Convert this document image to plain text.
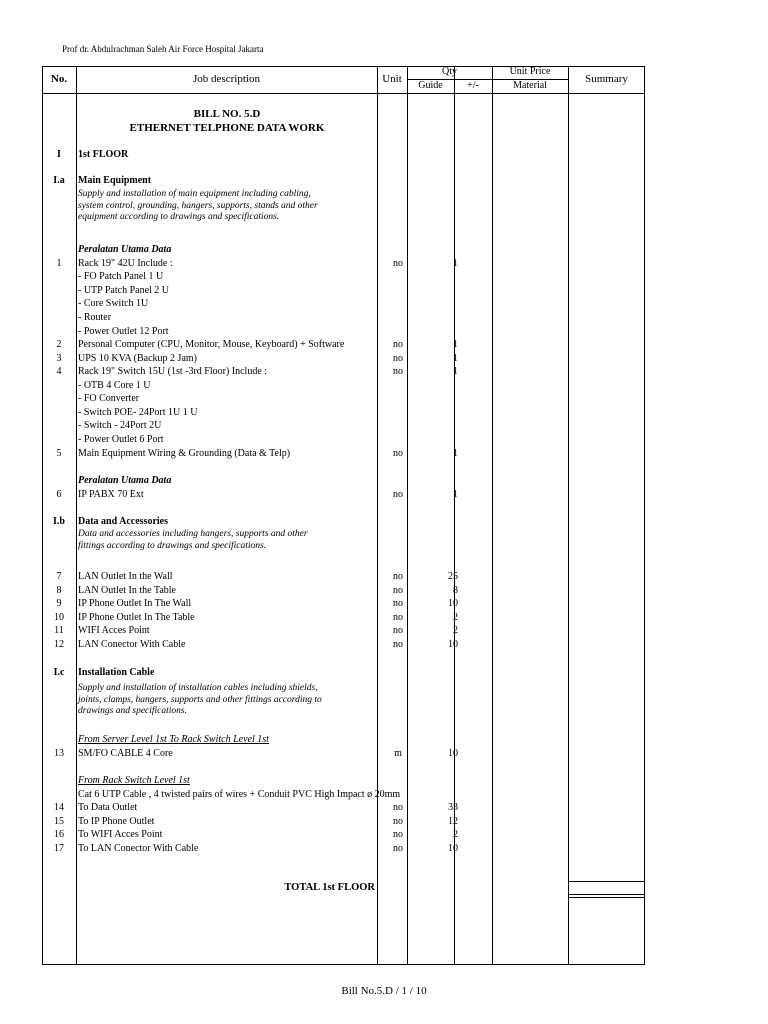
Prof dr. Abdulrachman Saleh Air Force Hospital Jakarta
No.	Job description	Unit
Qty
Guide	+/-
Unit Price
Material
Summary
BILL NO. 5.D
ETHERNET TELPHONE DATA WORK
I	1st FLOOR
I.a	Main Equipment
Peralatan Utama Data
1	Rack 19" 42U Include :	no	1
- FO Patch Panel 1 U
- UTP Patch Panel 2 U
- Core Switch 1U
- Router
- Power Outlet 12 Port
2	Personal Computer (CPU, Monitor, Mouse, Keyboard) + Software	no	1
3	UPS 10 KVA (Backup 2 Jam)	no	1
4	Rack 19" Switch 15U (1st -3rd Floor) Include :	no	1
- OTB 4 Core 1 U
- FO Converter
- Switch POE- 24Port 1U 1 U
- Switch - 24Port 2U
- Power Outlet 6 Port
5	Main Equipment Wiring & Grounding (Data & Telp)	no	1
Peralatan Utama Data
6	IP PABX 70 Ext	no	1
I.b	Data and Accessories
7	LAN Outlet In the Wall	no	25
8	LAN Outlet In the Table	no	8
9	IP Phone Outlet In The Wall	no	10
10	IP Phone Outlet In The Table	no	2
11	WIFI Acces Point	no	2
12	LAN Conector With Cable	no	10
I.c	Installation Cable
From Server Level 1st To Rack Switch Level 1st
13	SM/FO CABLE 4 Core	m	10
From Rack Switch Level 1st
Cat 6 UTP Cable , 4 twisted pairs of wires + Conduit PVC High Impact ø 20mm
14	To Data Outlet	no	33
15	To IP Phone Outlet	no	12
16	To WIFI Acces Point	no	2
17	To LAN Conector With Cable	no	10
Supply and installation of main equipment including cabling,
system control, grounding, hangers, supports, stands and other
equipment according to drawings and specifications.
Data and accessories including hangers, supports and other
fittings according to drawings and specifications.
Supply and installation of installation cables including shields,
joints, clamps, hangers, supports and other fittings according to
drawings and specifications.
TOTAL 1st FLOOR
Bill No.5.D / 1 / 10
